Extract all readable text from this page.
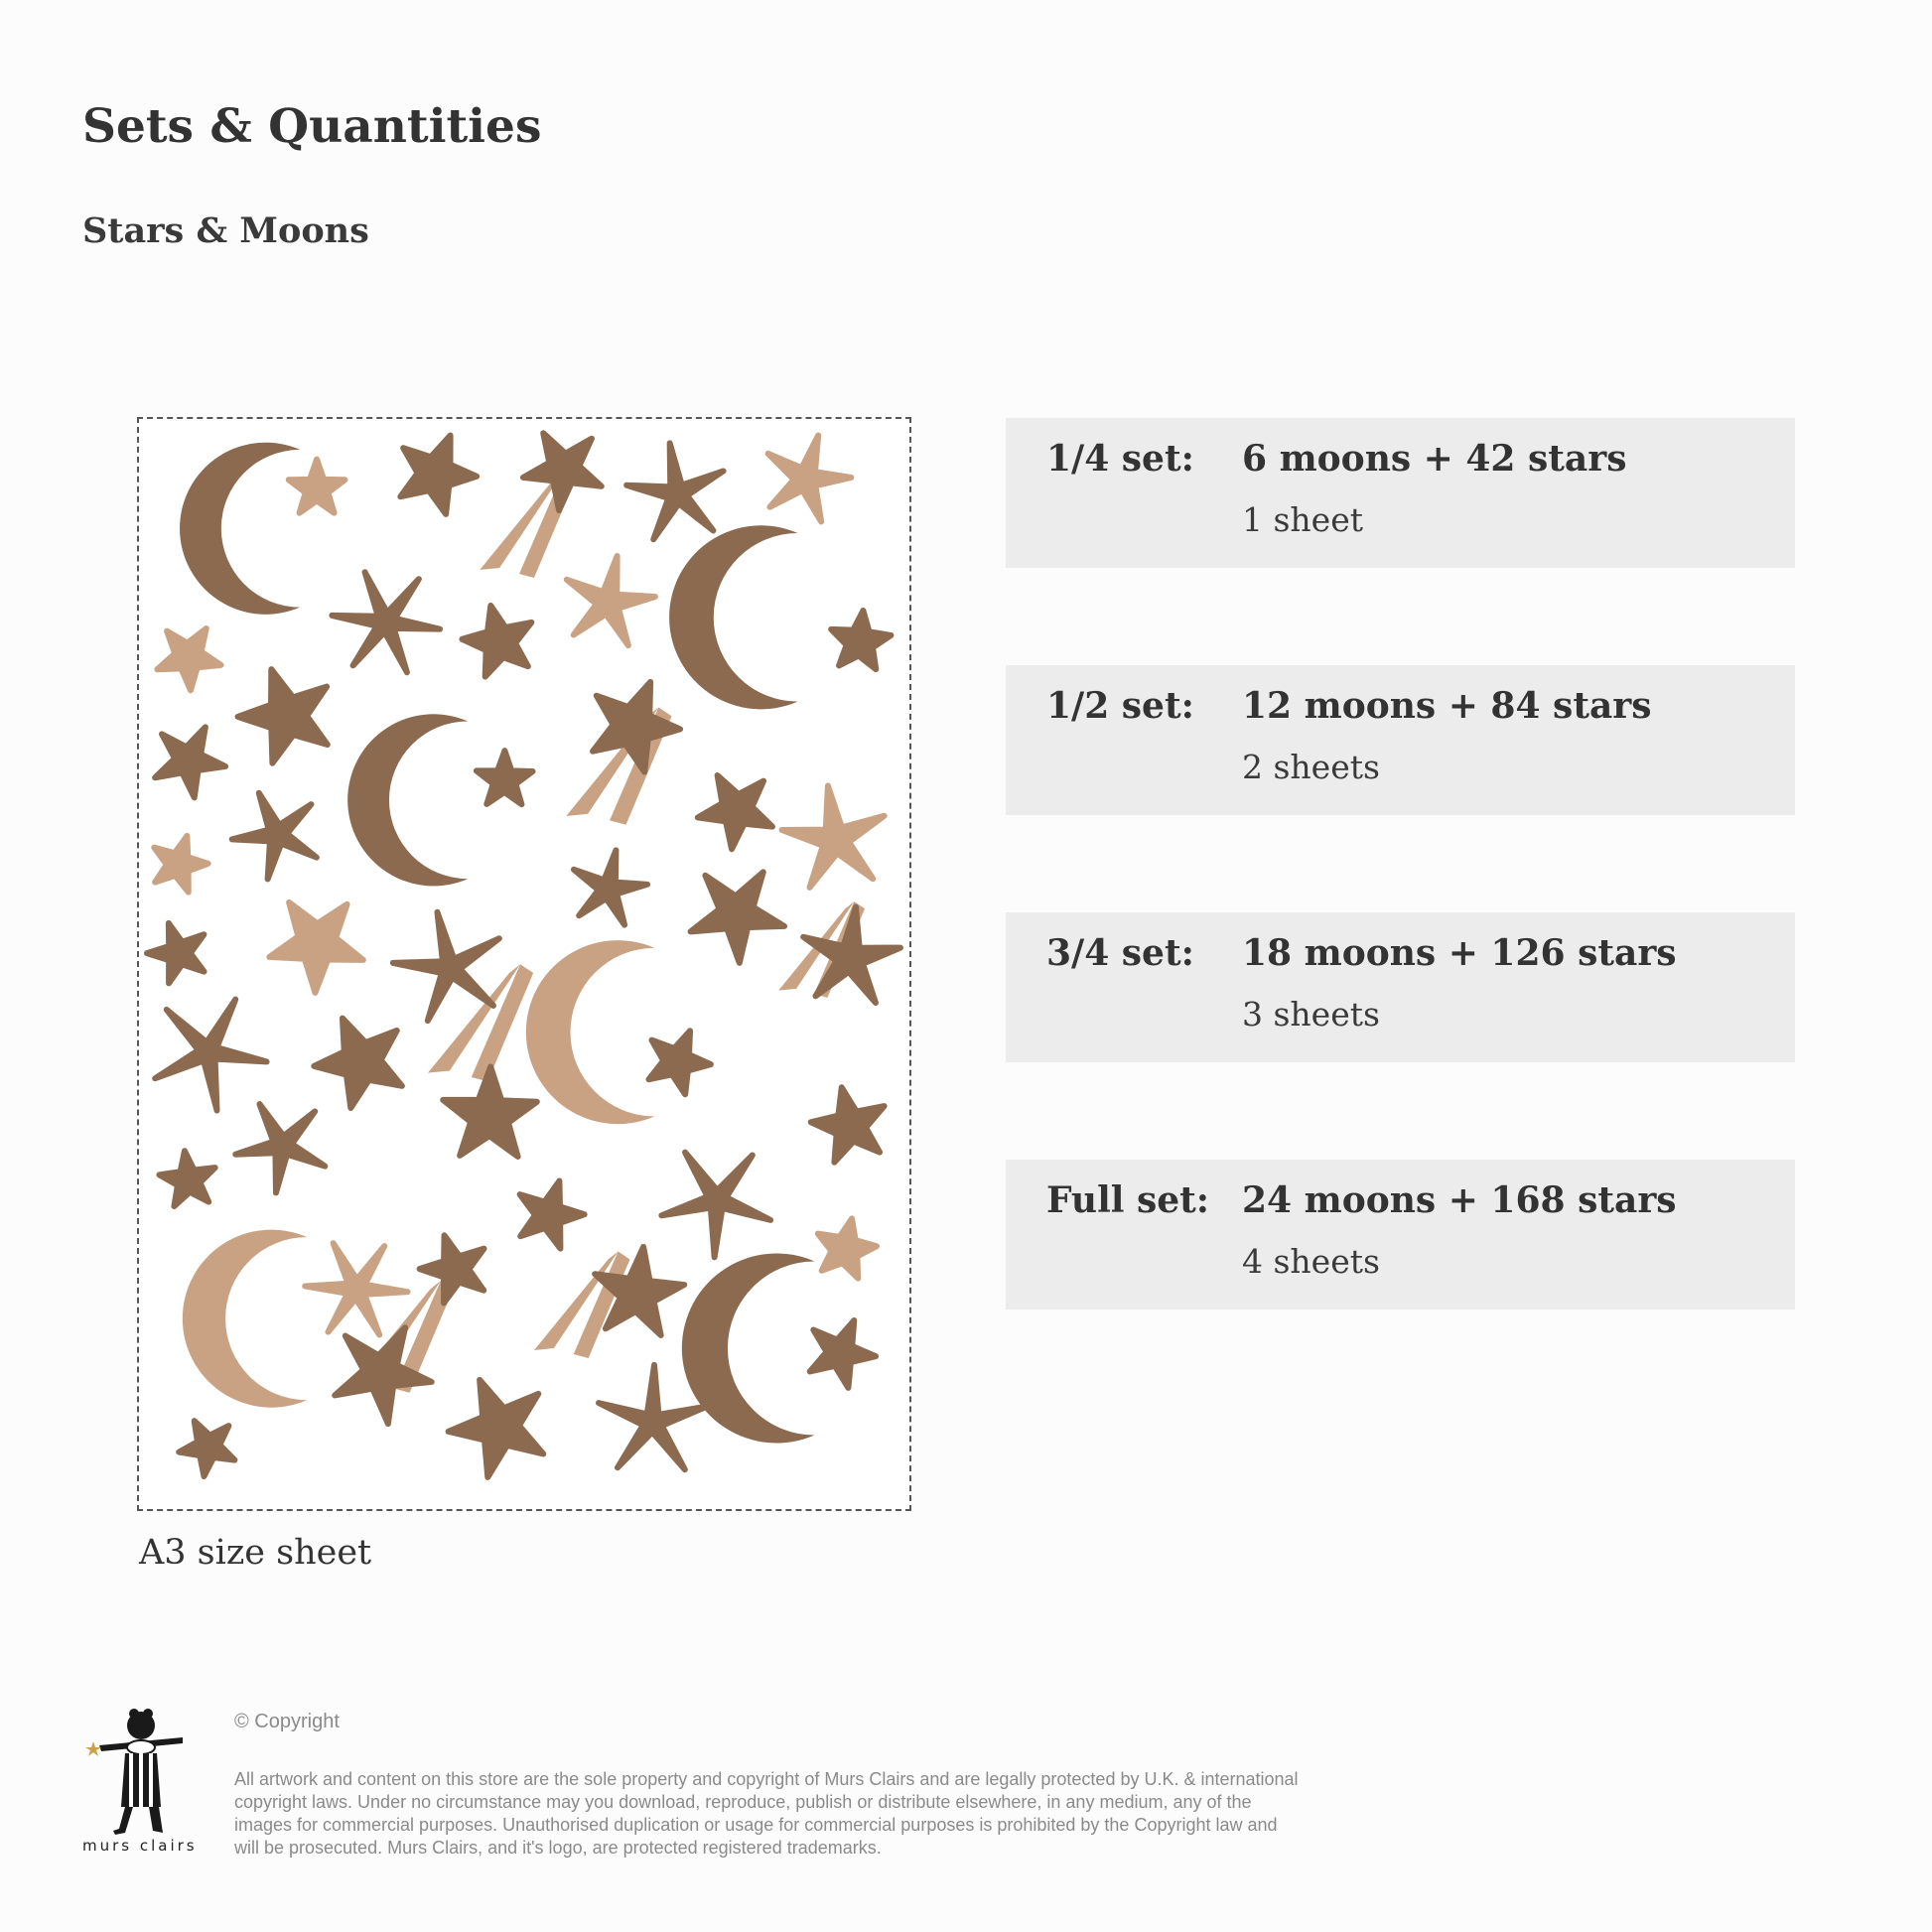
Sets & Quantities
Stars & Moons
A3 size sheet
1/4 set: 6 moons + 42 stars
1 sheet
1/2 set: 12 moons + 84 stars
2 sheets
3/4 set: 18 moons + 126 stars
3 sheets
Full set: 24 moons + 168 stars
4 sheets
murs clairs
© Copyright

All artwork and content on this store are the sole property and copyright of Murs Clairs and are legally protected by U.K. & international copyright laws. Under no circumstance may you download, reproduce, publish or distribute elsewhere, in any medium, any of the images for commercial purposes. Unauthorised duplication or usage for commercial purposes is prohibited by the Copyright law and will be prosecuted. Murs Clairs, and it's logo, are protected registered trademarks.
